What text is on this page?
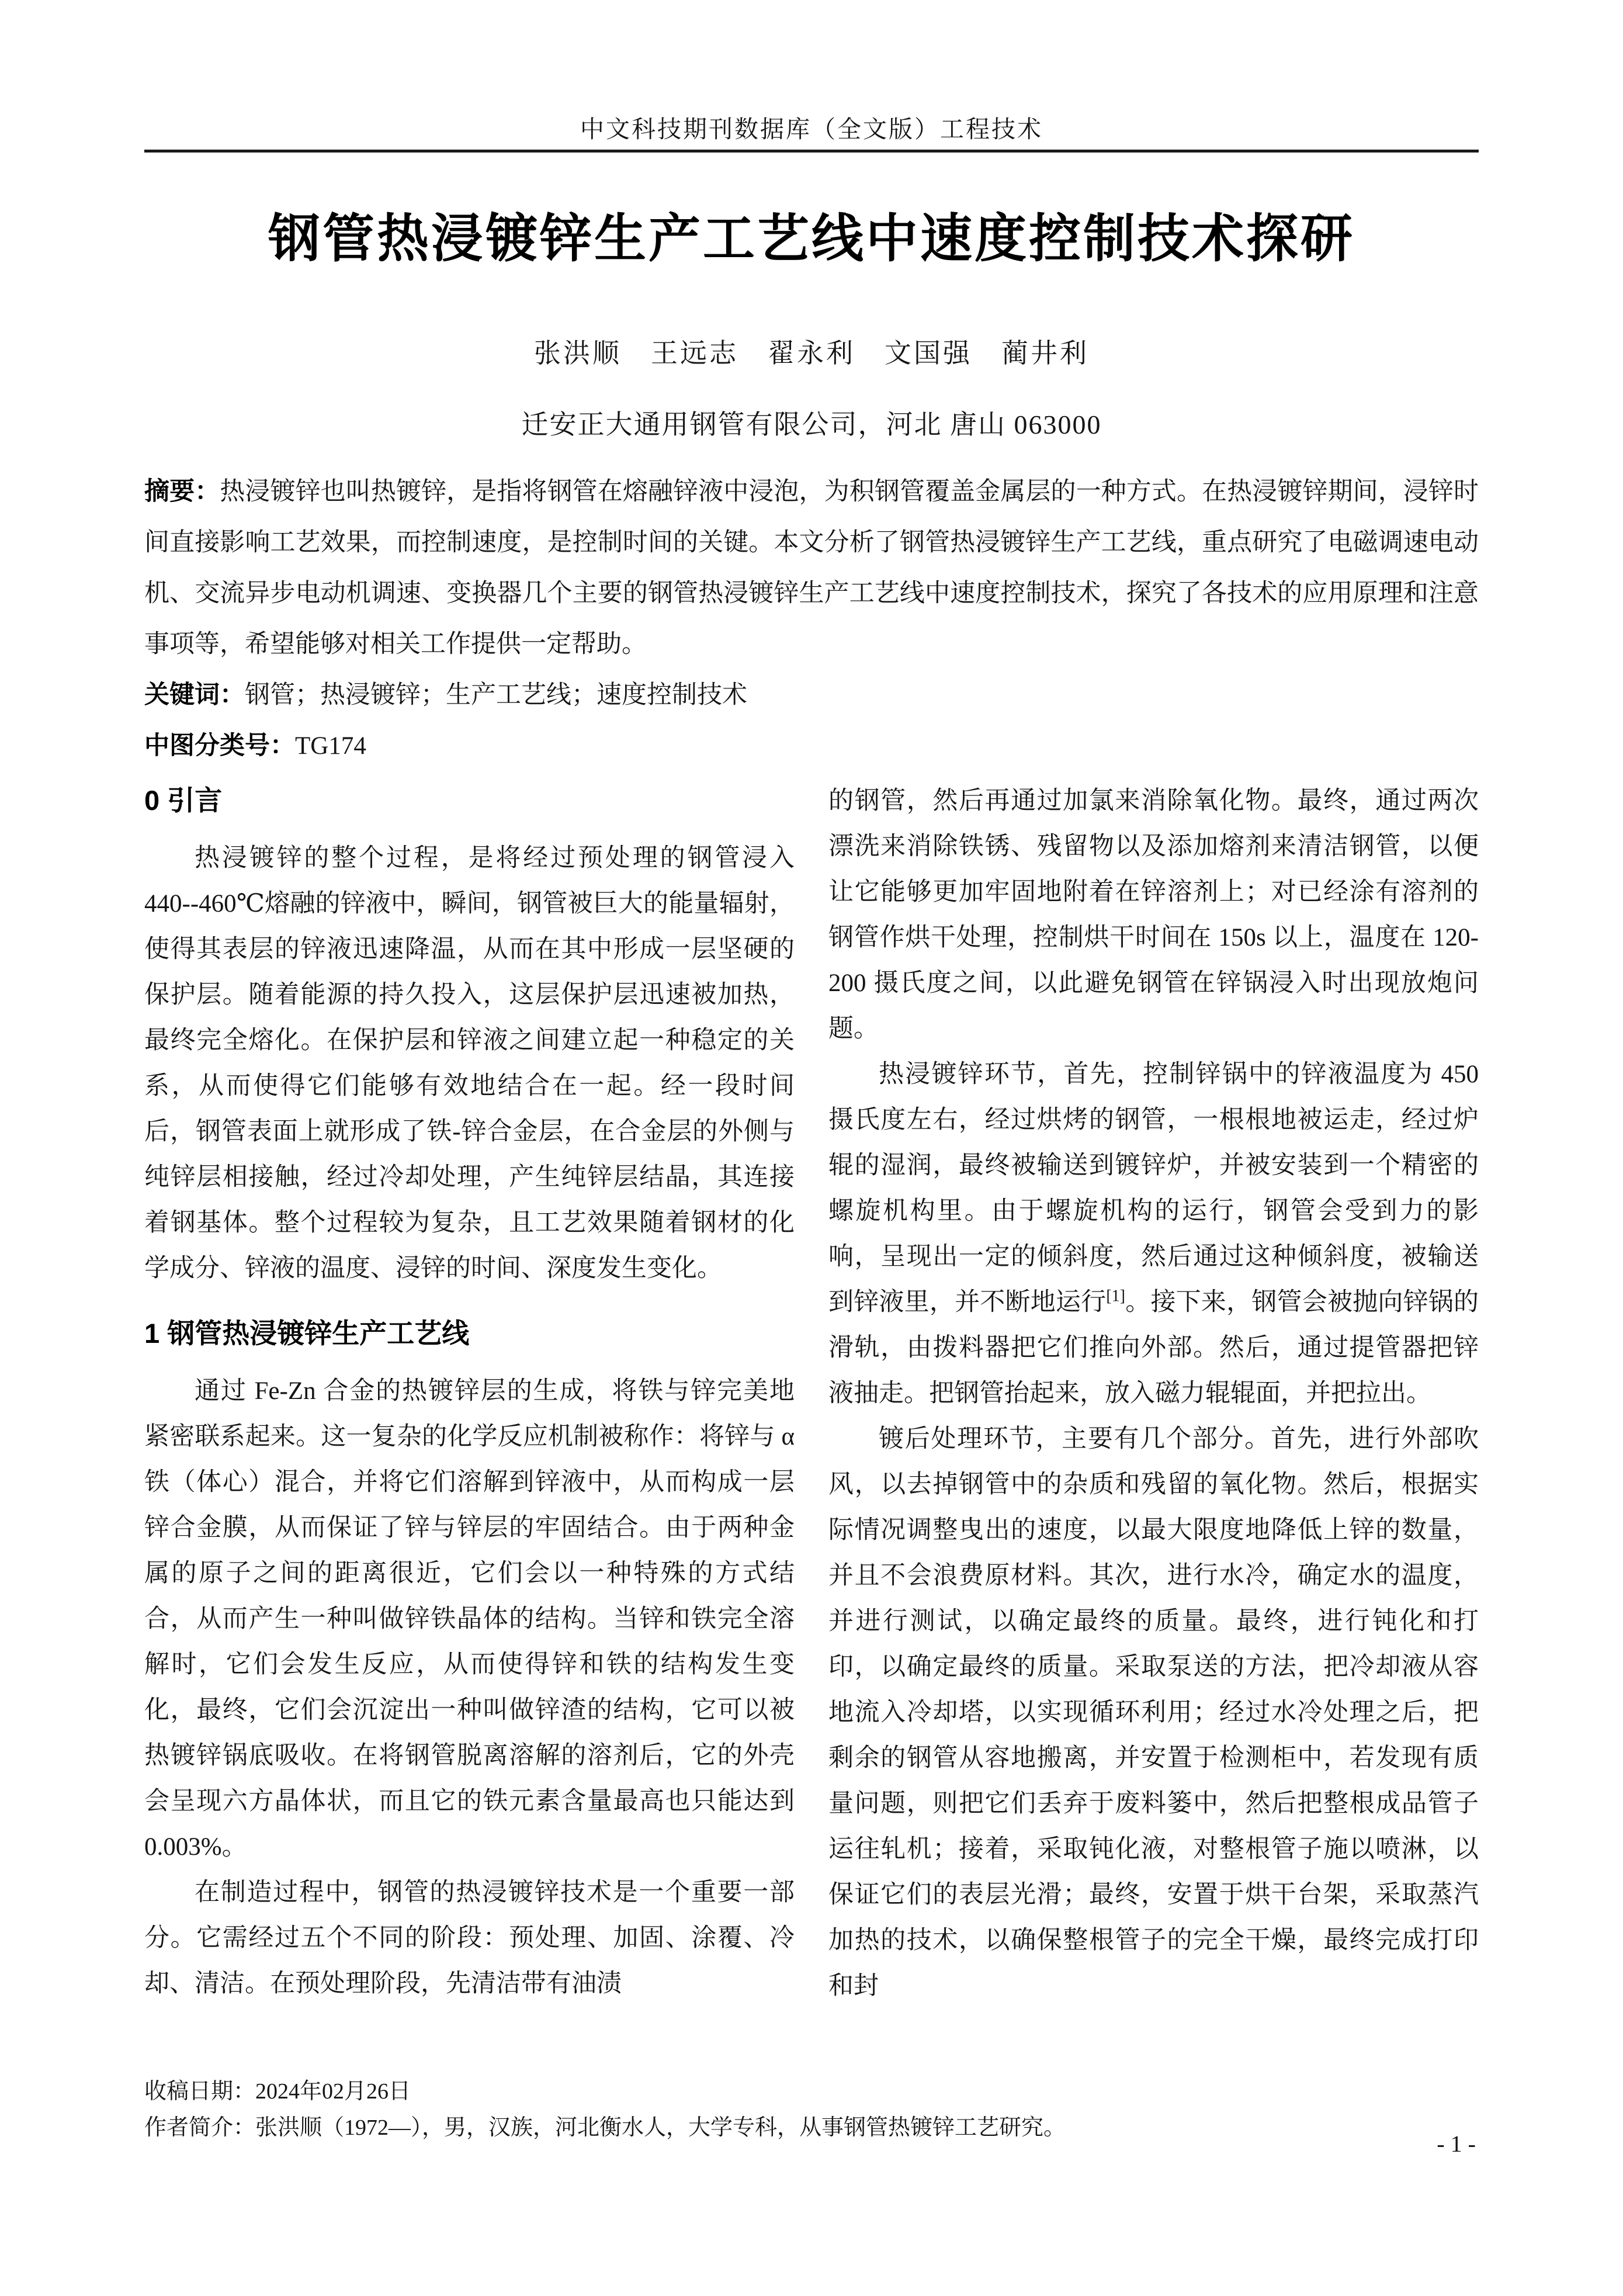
中文科技期刊数据库（全文版）工程技术
钢管热浸镀锌生产工艺线中速度控制技术探研
张洪顺　王远志　翟永利　文国强　蔺井利
迁安正大通用钢管有限公司，河北 唐山 063000
摘要：热浸镀锌也叫热镀锌，是指将钢管在熔融锌液中浸泡，为积钢管覆盖金属层的一种方式。在热浸镀锌期间，浸锌时间直接影响工艺效果，而控制速度，是控制时间的关键。本文分析了钢管热浸镀锌生产工艺线，重点研究了电磁调速电动机、交流异步电动机调速、变换器几个主要的钢管热浸镀锌生产工艺线中速度控制技术，探究了各技术的应用原理和注意事项等，希望能够对相关工作提供一定帮助。
关键词：钢管；热浸镀锌；生产工艺线；速度控制技术
中图分类号：TG174
0 引言

热浸镀锌的整个过程，是将经过预处理的钢管浸入 440--460℃熔融的锌液中，瞬间，钢管被巨大的能量辐射，使得其表层的锌液迅速降温，从而在其中形成一层坚硬的保护层。随着能源的持久投入，这层保护层迅速被加热，最终完全熔化。在保护层和锌液之间建立起一种稳定的关系，从而使得它们能够有效地结合在一起。经一段时间后，钢管表面上就形成了铁-锌合金层，在合金层的外侧与纯锌层相接触，经过冷却处理，产生纯锌层结晶，其连接着钢基体。整个过程较为复杂，且工艺效果随着钢材的化学成分、锌液的温度、浸锌的时间、深度发生变化。

1 钢管热浸镀锌生产工艺线

通过 Fe-Zn 合金的热镀锌层的生成，将铁与锌完美地紧密联系起来。这一复杂的化学反应机制被称作：将锌与 α 铁（体心）混合，并将它们溶解到锌液中，从而构成一层锌合金膜，从而保证了锌与锌层的牢固结合。由于两种金属的原子之间的距离很近，它们会以一种特殊的方式结合，从而产生一种叫做锌铁晶体的结构。当锌和铁完全溶解时，它们会发生反应，从而使得锌和铁的结构发生变化，最终，它们会沉淀出一种叫做锌渣的结构，它可以被热镀锌锅底吸收。在将钢管脱离溶解的溶剂后，它的外壳会呈现六方晶体状，而且它的铁元素含量最高也只能达到 0.003%。

在制造过程中，钢管的热浸镀锌技术是一个重要一部分。它需经过五个不同的阶段：预处理、加固、涂覆、冷却、清洁。在预处理阶段，先清洁带有油渍

的钢管，然后再通过加氯来消除氧化物。最终，通过两次漂洗来消除铁锈、残留物以及添加熔剂来清洁钢管，以便让它能够更加牢固地附着在锌溶剂上；对已经涂有溶剂的钢管作烘干处理，控制烘干时间在 150s 以上，温度在 120-200 摄氏度之间，以此避免钢管在锌锅浸入时出现放炮问题。

热浸镀锌环节，首先，控制锌锅中的锌液温度为 450 摄氏度左右，经过烘烤的钢管，一根根地被运走，经过炉辊的湿润，最终被输送到镀锌炉，并被安装到一个精密的螺旋机构里。由于螺旋机构的运行，钢管会受到力的影响，呈现出一定的倾斜度，然后通过这种倾斜度，被输送到锌液里，并不断地运行[1]。接下来，钢管会被抛向锌锅的滑轨，由拨料器把它们推向外部。然后，通过提管器把锌液抽走。把钢管抬起来，放入磁力辊辊面，并把拉出。

镀后处理环节，主要有几个部分。首先，进行外部吹风，以去掉钢管中的杂质和残留的氧化物。然后，根据实际情况调整曳出的速度，以最大限度地降低上锌的数量，并且不会浪费原材料。其次，进行水冷，确定水的温度，并进行测试，以确定最终的质量。最终，进行钝化和打印，以确定最终的质量。采取泵送的方法，把冷却液从容地流入冷却塔，以实现循环利用；经过水冷处理之后，把剩余的钢管从容地搬离，并安置于检测柜中，若发现有质量问题，则把它们丢弃于废料篓中，然后把整根成品管子运往轧机；接着，采取钝化液，对整根管子施以喷淋，以保证它们的表层光滑；最终，安置于烘干台架，采取蒸汽加热的技术，以确保整根管子的完全干燥，最终完成打印和封

收稿日期：2024年02月26日
作者简介：张洪顺（1972—），男，汉族，河北衡水人，大学专科，从事钢管热镀锌工艺研究。
- 1 -
